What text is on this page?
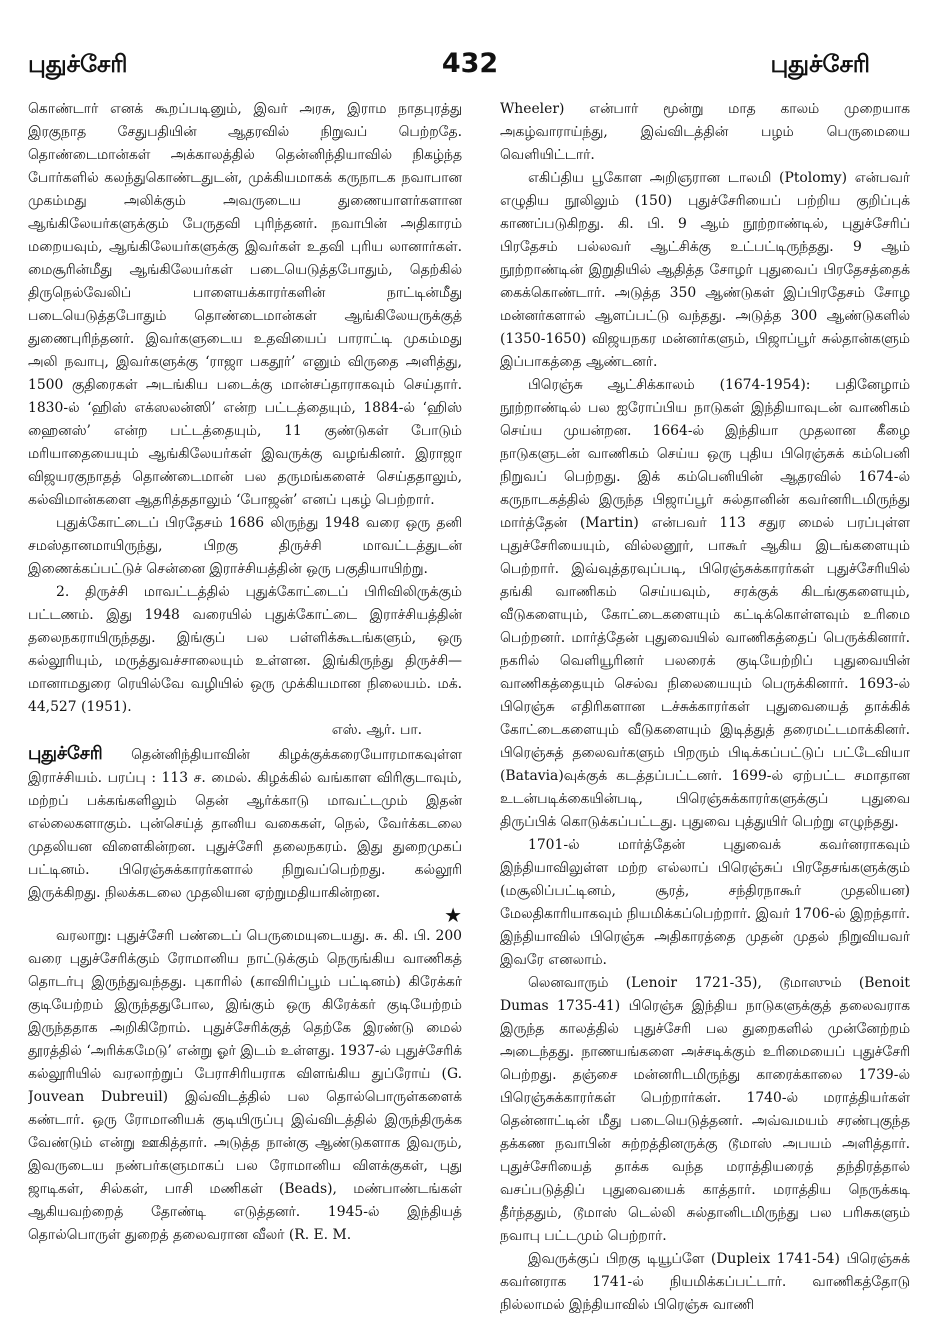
புதுச்சேரி	432	புதுச்சேரி

கொண்டார் எனக் கூறப்படினும், இவர் அரசு, இராம நாதபுரத்து இரகுநாத சேதுபதியின் ஆதரவில் நிறுவப் பெற்றதே. தொண்டைமான்கள் அக்காலத்தில் தென்னிந்தியாவில் நிகழ்ந்த போர்களில் கலந்துகொண்டதுடன், முக்கியமாகக் கருநாடக நவாபான முகம்மது அலிக்கும் அவருடைய துணையாளர்களான ஆங்கிலேயர்களுக்கும் பேருதவி புரிந்தனர். நவாபின் அதிகாரம் மறையவும், ஆங்கிலேயர்களுக்கு இவர்கள் உதவி புரிய லானார்கள். மைசூரின்மீது ஆங்கிலேயர்கள் படையெடுத்தபோதும், தெற்கில் திருநெல்வேலிப் பாளையக்காரர்களின் நாட்டின்மீது படையெடுத்தபோதும் தொண்டைமான்கள் ஆங்கிலேயருக்குத் துணைபுரிந்தனர். இவர்களுடைய உதவியைப் பாராட்டி முகம்மது அலி நவாபு, இவர்களுக்கு ‘ராஜா பகதூர்’ எனும் விருதை அளித்து, 1500 குதிரைகள் அடங்கிய படைக்கு மான்சப்தாராகவும் செய்தார். 1830-ல் ‘ஹிஸ் எக்ஸலன்ஸி’ என்ற பட்டத்தையும், 1884-ல் ‘ஹிஸ் ஹைனஸ்’ என்ற பட்டத்தையும், 11 குண்டுகள் போடும் மரியாதையையும் ஆங்கிலேயர்கள் இவருக்கு வழங்கினர். இராஜா விஜயரகுநாதத் தொண்டைமான் பல தருமங்களைச் செய்ததாலும், கல்விமான்களை ஆதரித்ததாலும் ‘போஜன்’ எனப் புகழ் பெற்றார்.

புதுக்கோட்டைப் பிரதேசம் 1686 லிருந்து 1948 வரை ஒரு தனி சமஸ்தானமாயிருந்து, பிறகு திருச்சி மாவட்டத்துடன் இணைக்கப்பட்டுச் சென்னை இராச்சியத்தின் ஒரு பகுதியாயிற்று.

2. திருச்சி மாவட்டத்தில் புதுக்கோட்டைப் பிரிவிலிருக்கும் பட்டணம். இது 1948 வரையில் புதுக்கோட்டை இராச்சியத்தின் தலைநகராயிருந்தது. இங்குப் பல பள்ளிக்கூடங்களும், ஒரு கல்லூரியும், மருத்துவச்சாலையும் உள்ளன. இங்கிருந்து திருச்சி—மானாமதுரை ரெயில்வே வழியில் ஒரு முக்கியமான நிலையம். மக். 44,527 (1951).

எஸ். ஆர். பா.

புதுச்சேரி தென்னிந்தியாவின் கிழக்குக்கரையோரமாகவுள்ள இராச்சியம். பரப்பு : 113 ச. மைல். கிழக்கில் வங்காள விரிகுடாவும், மற்றப் பக்கங்களிலும் தென் ஆர்க்காடு மாவட்டமும் இதன் எல்லைகளாகும். புன்செய்த் தானிய வகைகள், நெல், வேர்க்கடலை முதலியன விளைகின்றன. புதுச்சேரி தலைநகரம். இது துறைமுகப் பட்டினம். பிரெஞ்சுக்காரர்களால் நிறுவப்பெற்றது. கல்லூரி இருக்கிறது. நிலக்கடலை முதலியன ஏற்றுமதியாகின்றன.

★

வரலாறு: புதுச்சேரி பண்டைப் பெருமையுடையது. சு. கி. பி. 200 வரை புதுச்சேரிக்கும் ரோமானிய நாட்டுக்கும் நெருங்கிய வாணிகத் தொடர்பு இருந்துவந்தது. புகாரில் (காவிரிப்பூம் பட்டினம்) கிரேக்கர் குடியேற்றம் இருந்ததுபோல, இங்கும் ஒரு கிரேக்கர் குடியேற்றம் இருந்ததாக அறிகிறோம். புதுச்சேரிக்குத் தெற்கே இரண்டு மைல் தூரத்தில் ‘அரிக்கமேடு’ என்று ஓர் இடம் உள்ளது. 1937-ல் புதுச்சேரிக் கல்லூரியில் வரலாற்றுப் பேராசிரியராக விளங்கிய துப்ரோய் (G. Jouvean Dubreuil) இவ்விடத்தில் பல தொல்பொருள்களைக் கண்டார். ஒரு ரோமானியக் குடியிருப்பு இவ்விடத்தில் இருந்திருக்க வேண்டும் என்று ஊகித்தார். அடுத்த நான்கு ஆண்டுகளாக இவரும், இவருடைய நண்பர்களுமாகப் பல ரோமானிய விளக்குகள், புது ஜாடிகள், சில்கள், பாசி மணிகள் (Beads), மண்பாண்டங்கள் ஆகியவற்றைத் தோண்டி எடுத்தனர். 1945-ல் இந்தியத் தொல்பொருள் துறைத் தலைவரான வீலர் (R. E. M.

Wheeler) என்பார் மூன்று மாத காலம் முறையாக அகழ்வாராய்ந்து, இவ்விடத்தின் பழம் பெருமையை வெளியிட்டார்.

எகிப்திய பூகோள அறிஞரான டாலமி (Ptolomy) என்பவர் எழுதிய நூலிலும் (150) புதுச்சேரியைப் பற்றிய குறிப்புக் காணப்படுகிறது. கி. பி. 9 ஆம் நூற்றாண்டில், புதுச்சேரிப் பிரதேசம் பல்லவர் ஆட்சிக்கு உட்பட்டிருந்தது. 9 ஆம் நூற்றாண்டின் இறுதியில் ஆதித்த சோழர் புதுவைப் பிரதேசத்தைக் கைக்கொண்டார். அடுத்த 350 ஆண்டுகள் இப்பிரதேசம் சோழ மன்னர்களால் ஆளப்பட்டு வந்தது. அடுத்த 300 ஆண்டுகளில் (1350-1650) விஜயநகர மன்னர்களும், பிஜாப்பூர் சுல்தான்களும் இப்பாகத்தை ஆண்டனர்.

பிரெஞ்சு ஆட்சிக்காலம் (1674-1954): பதினேழாம் நூற்றாண்டில் பல ஐரோப்பிய நாடுகள் இந்தியாவுடன் வாணிகம் செய்ய முயன்றன. 1664-ல் இந்தியா முதலான கீழை நாடுகளுடன் வாணிகம் செய்ய ஒரு புதிய பிரெஞ்சுக் கம்பெனி நிறுவப் பெற்றது. இக் கம்பெனியின் ஆதரவில் 1674-ல் கருநாடகத்தில் இருந்த பிஜாப்பூர் சுல்தானின் கவர்னரிடமிருந்து மார்த்தேன் (Martin) என்பவர் 113 சதுர மைல் பரப்புள்ள புதுச்சேரியையும், வில்லனூர், பாகூர் ஆகிய இடங்களையும் பெற்றார். இவ்வுத்தரவுப்படி, பிரெஞ்சுக்காரர்கள் புதுச்சேரியில் தங்கி வாணிகம் செய்யவும், சரக்குக் கிடங்குகளையும், வீடுகளையும், கோட்டைகளையும் கட்டிக்கொள்ளவும் உரிமை பெற்றனர். மார்த்தேன் புதுவையில் வாணிகத்தைப் பெருக்கினார். நகரில் வெளியூரினர் பலரைக் குடியேற்றிப் புதுவையின் வாணிகத்தையும் செல்வ நிலையையும் பெருக்கினார். 1693-ல் பிரெஞ்சு எதிரிகளான டச்சுக்காரர்கள் புதுவையைத் தாக்கிக் கோட்டைகளையும் வீடுகளையும் இடித்துத் தரைமட்டமாக்கினர். பிரெஞ்சுத் தலைவர்களும் பிறரும் பிடிக்கப்பட்டுப் பட்டேவியா (Batavia)வுக்குக் கடத்தப்பட்டனர். 1699-ல் ஏற்பட்ட சமாதான உடன்படிக்கையின்படி, பிரெஞ்சுக்காரர்களுக்குப் புதுவை திருப்பிக் கொடுக்கப்பட்டது. புதுவை புத்துயிர் பெற்று எழுந்தது.

1701-ல் மார்த்தேன் புதுவைக் கவர்னராகவும் இந்தியாவிலுள்ள மற்ற எல்லாப் பிரெஞ்சுப் பிரதேசங்களுக்கும் (மசூலிப்பட்டினம், சூரத், சந்திரநாகூர் முதலியன) மேலதிகாரியாகவும் நியமிக்கப்பெற்றார். இவர் 1706-ல் இறந்தார். இந்தியாவில் பிரெஞ்சு அதிகாரத்தை முதன் முதல் நிறுவியவர் இவரே எனலாம்.

லெனவாரும் (Lenoir 1721-35), டூமாஸும் (Benoit Dumas 1735-41) பிரெஞ்சு இந்திய நாடுகளுக்குத் தலைவராக இருந்த காலத்தில் புதுச்சேரி பல துறைகளில் முன்னேற்றம் அடைந்தது. நாணயங்களை அச்சடிக்கும் உரிமையைப் புதுச்சேரி பெற்றது. தஞ்சை மன்னரிடமிருந்து காரைக்காலை 1739-ல் பிரெஞ்சுக்காரர்கள் பெற்றார்கள். 1740-ல் மராத்தியர்கள் தென்னாட்டின் மீது படையெடுத்தனர். அவ்வமயம் சரண்புகுந்த தக்கண நவாபின் சுற்றத்தினருக்கு டூமாஸ் அபயம் அளித்தார். புதுச்சேரியைத் தாக்க வந்த மராத்தியரைத் தந்திரத்தால் வசப்படுத்திப் புதுவையைக் காத்தார். மராத்திய நெருக்கடி தீர்ந்ததும், டூமாஸ் டெல்லி சுல்தானிடமிருந்து பல பரிசுகளும் நவாபு பட்டமும் பெற்றார்.

இவருக்குப் பிறகு டியூப்ளே (Dupleix 1741-54) பிரெஞ்சுக் கவர்னராக 1741-ல் நியமிக்கப்பட்டார். வாணிகத்தோடு நில்லாமல் இந்தியாவில் பிரெஞ்சு வாணி
